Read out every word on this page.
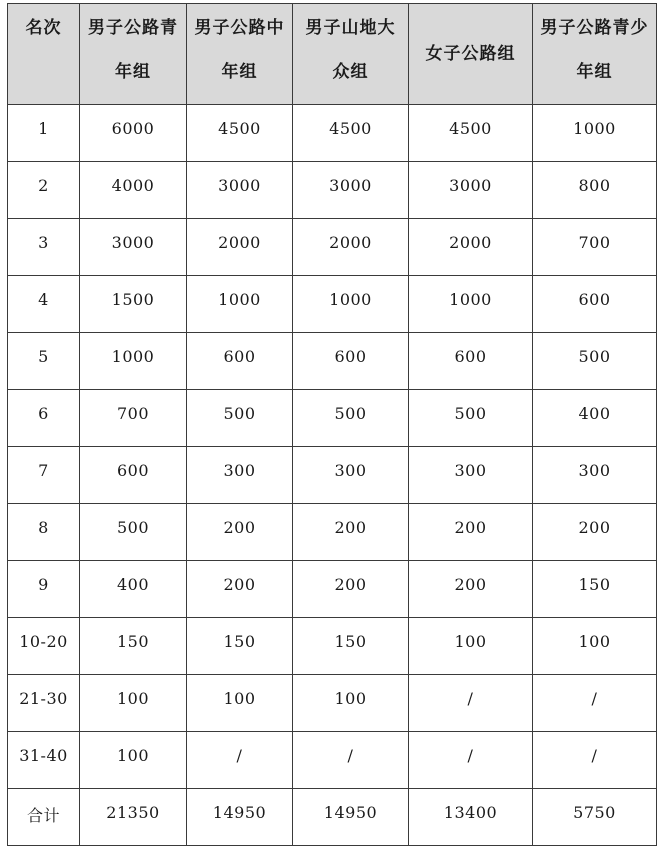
名次	男子公路青年组	男子公路中年组	男子山地大众组	女子公路组	男子公路青少年组
1	6000	4500	4500	4500	1000
2	4000	3000	3000	3000	800
3	3000	2000	2000	2000	700
4	1500	1000	1000	1000	600
5	1000	600	600	600	500
6	700	500	500	500	400
7	600	300	300	300	300
8	500	200	200	200	200
9	400	200	200	200	150
10-20	150	150	150	100	100
21-30	100	100	100	/	/
31-40	100	/	/	/	/
合计	21350	14950	14950	13400	5750
